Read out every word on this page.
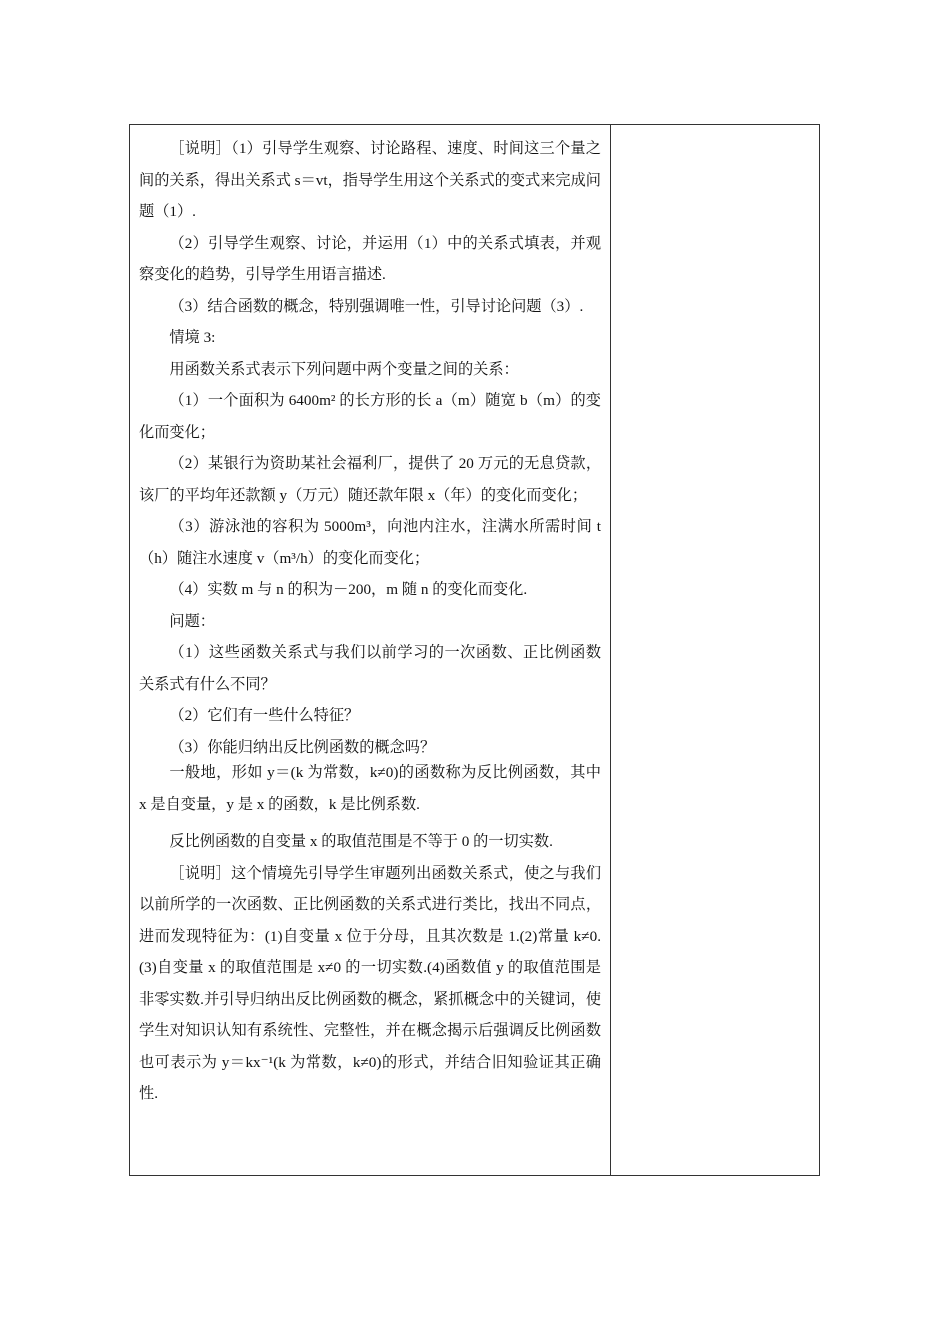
［说明］（1）引导学生观察、讨论路程、速度、时间这三个量之间的关系，得出关系式 s＝vt，指导学生用这个关系式的变式来完成问题（1）.

（2）引导学生观察、讨论，并运用（1）中的关系式填表，并观察变化的趋势，引导学生用语言描述.

（3）结合函数的概念，特别强调唯一性，引导讨论问题（3）.

情境 3:

用函数关系式表示下列问题中两个变量之间的关系：

（1）一个面积为 6400m² 的长方形的长 a（m）随宽 b（m）的变化而变化；

（2）某银行为资助某社会福利厂，提供了 20 万元的无息贷款，该厂的平均年还款额 y（万元）随还款年限 x（年）的变化而变化；

（3）游泳池的容积为 5000m³，向池内注水，注满水所需时间 t（h）随注水速度 v（m³/h）的变化而变化；

（4）实数 m 与 n 的积为－200，m 随 n 的变化而变化.

问题：

（1）这些函数关系式与我们以前学习的一次函数、正比例函数关系式有什么不同？

（2）它们有一些什么特征？

（3）你能归纳出反比例函数的概念吗？

一般地，形如 y＝(k 为常数，k≠0)的函数称为反比例函数，其中 x 是自变量，y 是 x 的函数，k 是比例系数.

反比例函数的自变量 x 的取值范围是不等于 0 的一切实数.

［说明］这个情境先引导学生审题列出函数关系式，使之与我们以前所学的一次函数、正比例函数的关系式进行类比，找出不同点，进而发现特征为：(1)自变量 x 位于分母，且其次数是 1.(2)常量 k≠0.(3)自变量 x 的取值范围是 x≠0 的一切实数.(4)函数值 y 的取值范围是非零实数.并引导归纳出反比例函数的概念，紧抓概念中的关键词，使学生对知识认知有系统性、完整性，并在概念揭示后强调反比例函数也可表示为 y＝kx⁻¹(k 为常数，k≠0)的形式，并结合旧知验证其正确性.
